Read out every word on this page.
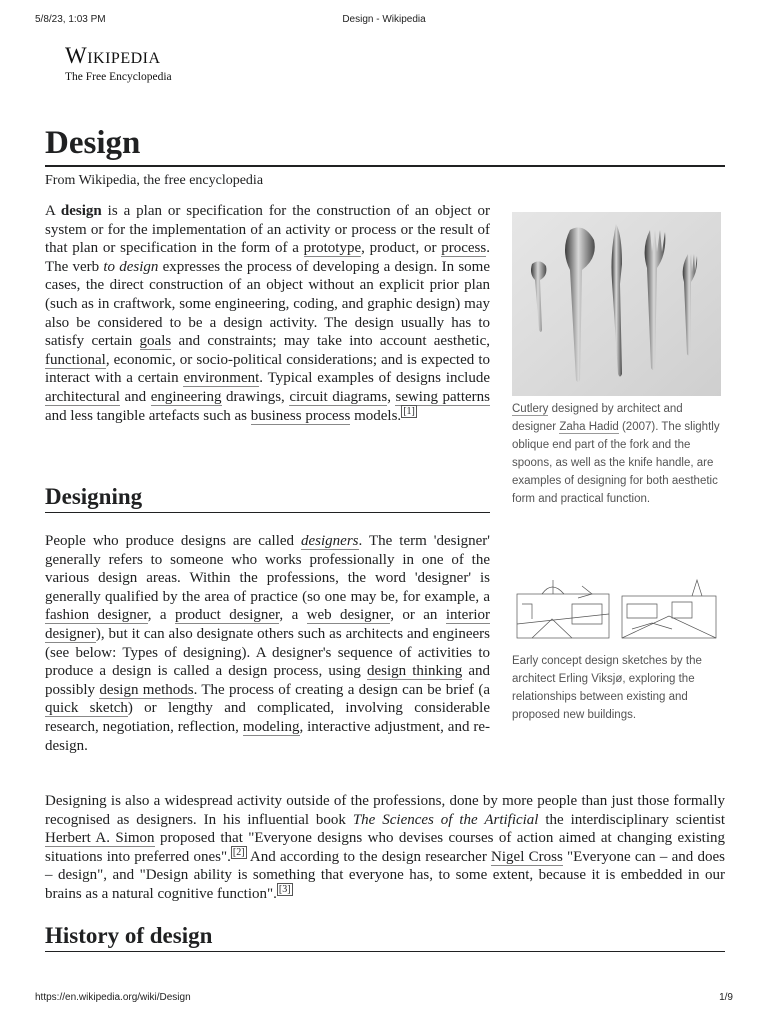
5/8/23, 1:03 PM	Design - Wikipedia
Wikipedia
The Free Encyclopedia
Design
From Wikipedia, the free encyclopedia

A design is a plan or specification for the construction of an object or system or for the implementation of an activity or process or the result of that plan or specification in the form of a prototype, product, or process. The verb to design expresses the process of developing a design. In some cases, the direct construction of an object without an explicit prior plan (such as in craftwork, some engineering, coding, and graphic design) may also be considered to be a design activity. The design usually has to satisfy certain goals and constraints; may take into account aesthetic, functional, economic, or socio-political considerations; and is expected to interact with a certain environment. Typical examples of designs include architectural and engineering drawings, circuit diagrams, sewing patterns and less tangible artefacts such as business process models. [1]

Designing

People who produce designs are called designers. The term 'designer' generally refers to someone who works professionally in one of the various design areas. Within the professions, the word 'designer' is generally qualified by the area of practice (so one may be, for example, a fashion designer, a product designer, a web designer, or an interior designer), but it can also designate others such as architects and engineers (see below: Types of designing). A designer's sequence of activities to produce a design is called a design process, using design thinking and possibly design methods. The process of creating a design can be brief (a quick sketch) or lengthy and complicated, involving considerable research, negotiation, reflection, modeling, interactive adjustment, and re-design.

Designing is also a widespread activity outside of the professions, done by more people than just those formally recognised as designers. In his influential book The Sciences of the Artificial the interdisciplinary scientist Herbert A. Simon proposed that "Everyone designs who devises courses of action aimed at changing existing situations into preferred ones". [2] And according to the design researcher Nigel Cross "Everyone can – and does – design", and "Design ability is something that everyone has, to some extent, because it is embedded in our brains as a natural cognitive function". [3]

History of design
Cutlery designed by architect and designer Zaha Hadid (2007). The slightly oblique end part of the fork and the spoons, as well as the knife handle, are examples of designing for both aesthetic form and practical function.
Early concept design sketches by the architect Erling Viksjø, exploring the relationships between existing and proposed new buildings.
https://en.wikipedia.org/wiki/Design	1/9
